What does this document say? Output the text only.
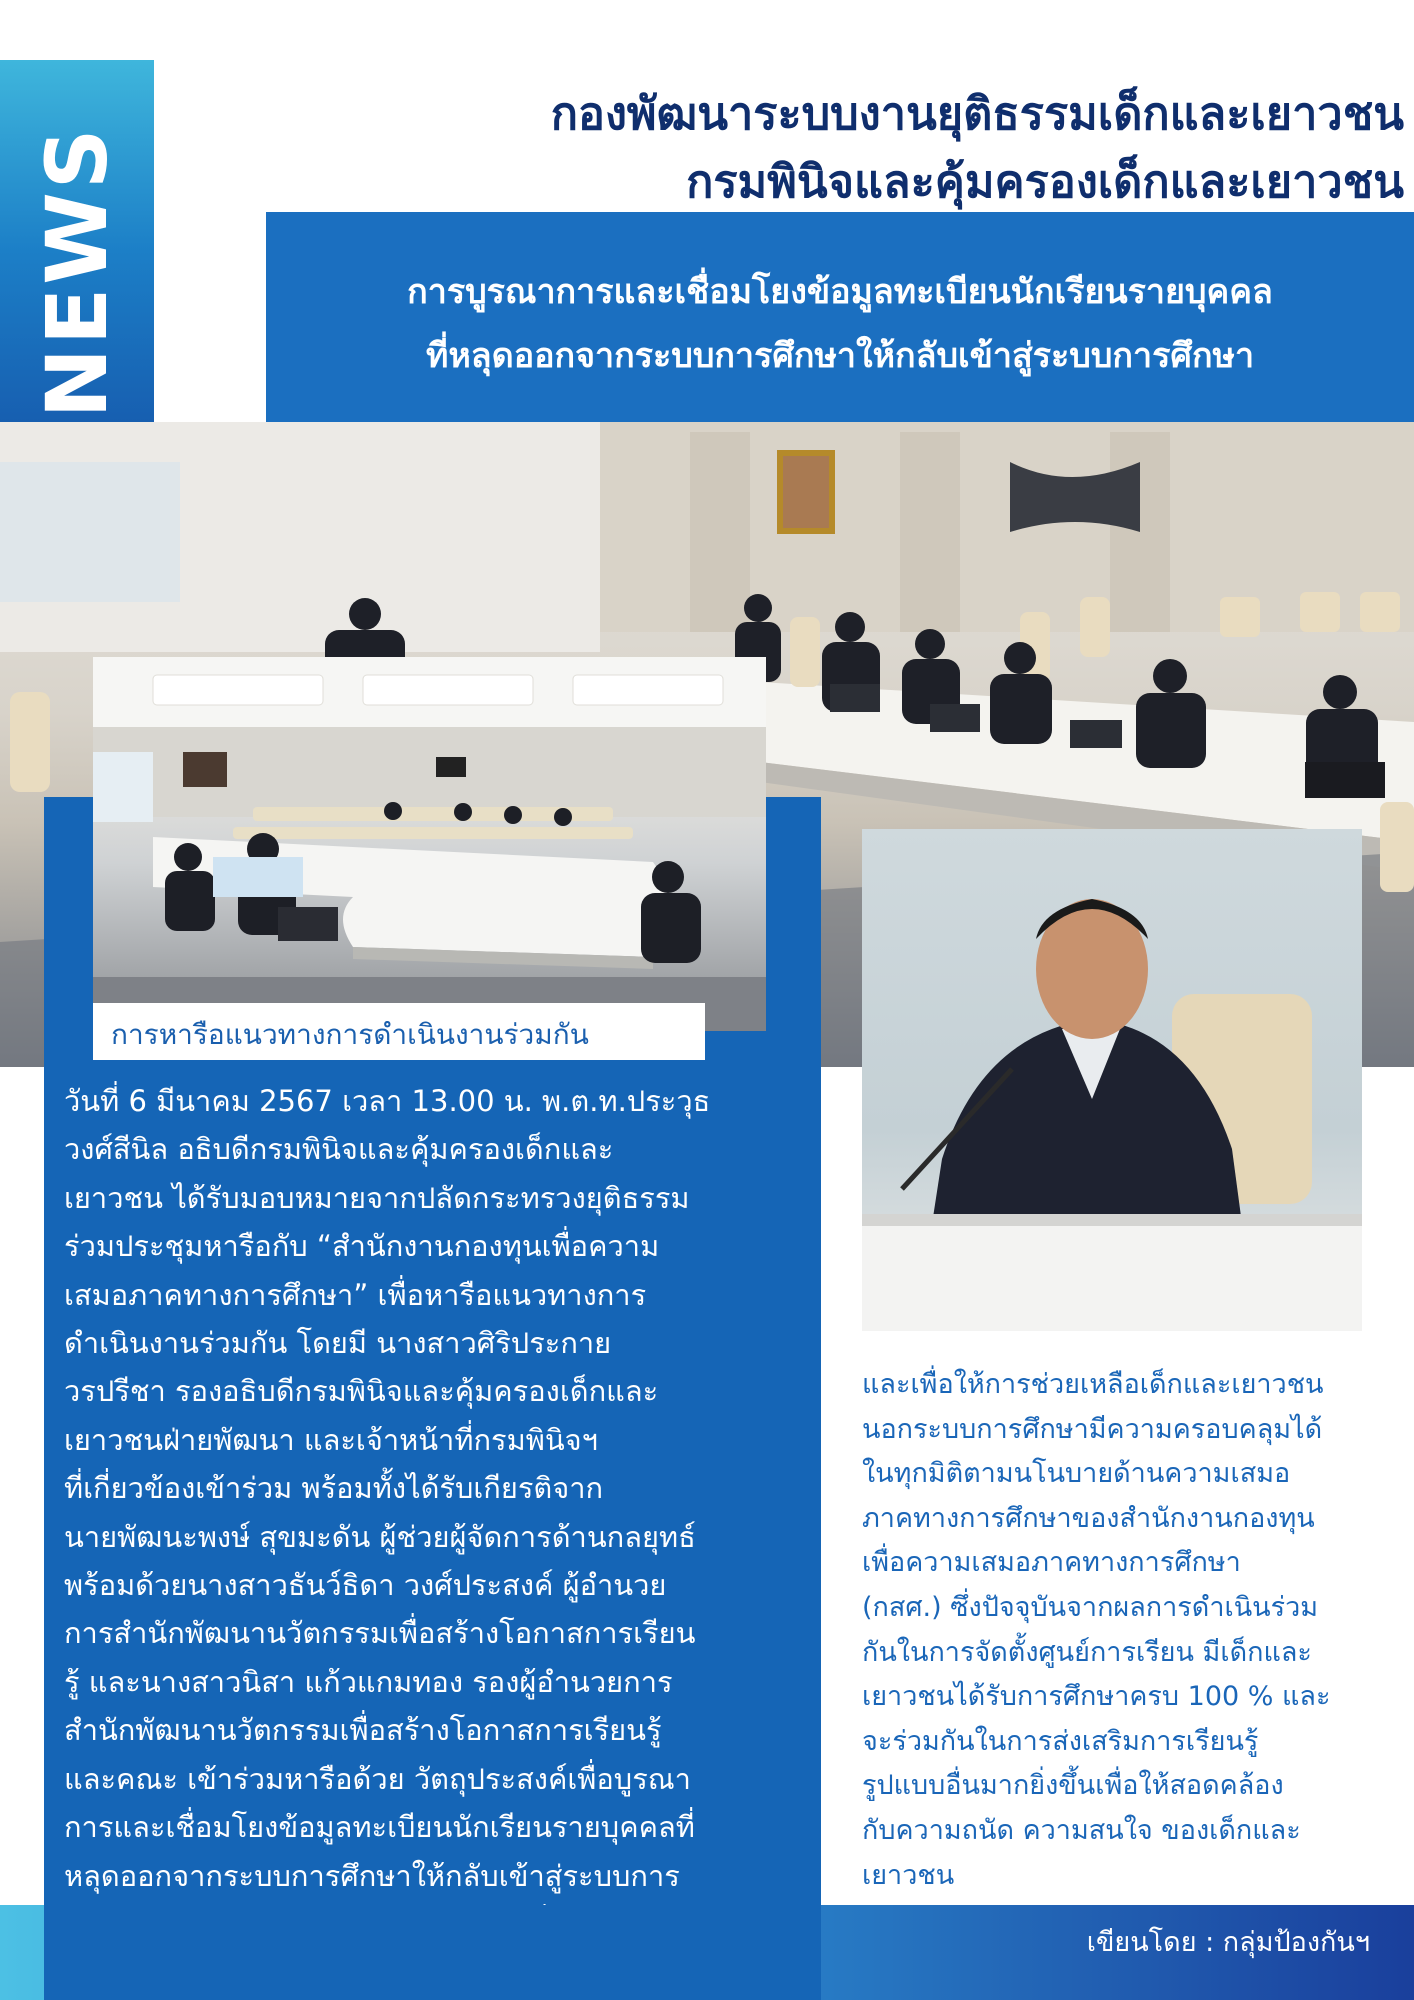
NEWS
กองพัฒนาระบบงานยุติธรรมเด็กและเยาวชน
กรมพินิจและคุ้มครองเด็กและเยาวชน
การบูรณาการและเชื่อมโยงข้อมูลทะเบียนนักเรียนรายบุคคล
ที่หลุดออกจากระบบการศึกษาให้กลับเข้าสู่ระบบการศึกษา
การหารือแนวทางการดำเนินงานร่วมกัน
วันที่ 6 มีนาคม 2567 เวลา 13.00 น. พ.ต.ท.ประวุธ
วงศ์สีนิล อธิบดีกรมพินิจและคุ้มครองเด็กและ
เยาวชน ได้รับมอบหมายจากปลัดกระทรวงยุติธรรม
ร่วมประชุมหารือกับ “สำนักงานกองทุนเพื่อความ
เสมอภาคทางการศึกษา” เพื่อหารือแนวทางการ
ดำเนินงานร่วมกัน โดยมี นางสาวศิริประกาย
วรปรีชา รองอธิบดีกรมพินิจและคุ้มครองเด็กและ
เยาวชนฝ่ายพัฒนา และเจ้าหน้าที่กรมพินิจฯ
ที่เกี่ยวข้องเข้าร่วม พร้อมทั้งได้รับเกียรติจาก
นายพัฒนะพงษ์ สุขมะดัน ผู้ช่วยผู้จัดการด้านกลยุทธ์
พร้อมด้วยนางสาวธันว์ธิดา วงศ์ประสงค์ ผู้อำนวย
การสำนักพัฒนานวัตกรรมเพื่อสร้างโอกาสการเรียน
รู้ และนางสาวนิสา แก้วแกมทอง รองผู้อำนวยการ
สำนักพัฒนานวัตกรรมเพื่อสร้างโอกาสการเรียนรู้
และคณะ เข้าร่วมหารือด้วย วัตถุประสงค์เพื่อบูรณา
การและเชื่อมโยงข้อมูลทะเบียนนักเรียนรายบุคคลที่
หลุดออกจากระบบการศึกษาให้กลับเข้าสู่ระบบการ
และเพื่อให้การช่วยเหลือเด็กและเยาวชน
นอกระบบการศึกษามีความครอบคลุมได้
ในทุกมิติตามนโนบายด้านความเสมอ
ภาคทางการศึกษาของสำนักงานกองทุน
เพื่อความเสมอภาคทางการศึกษา
(กสศ.) ซึ่งปัจจุบันจากผลการดำเนินร่วม
กันในการจัดตั้งศูนย์การเรียน มีเด็กและ
เยาวชนได้รับการศึกษาครบ 100 % และ
จะร่วมกันในการส่งเสริมการเรียนรู้
รูปแบบอื่นมากยิ่งขึ้นเพื่อให้สอดคล้อง
กับความถนัด ความสนใจ ของเด็กและ
เยาวชน
เขียนโดย : กลุ่มป้องกันฯ
